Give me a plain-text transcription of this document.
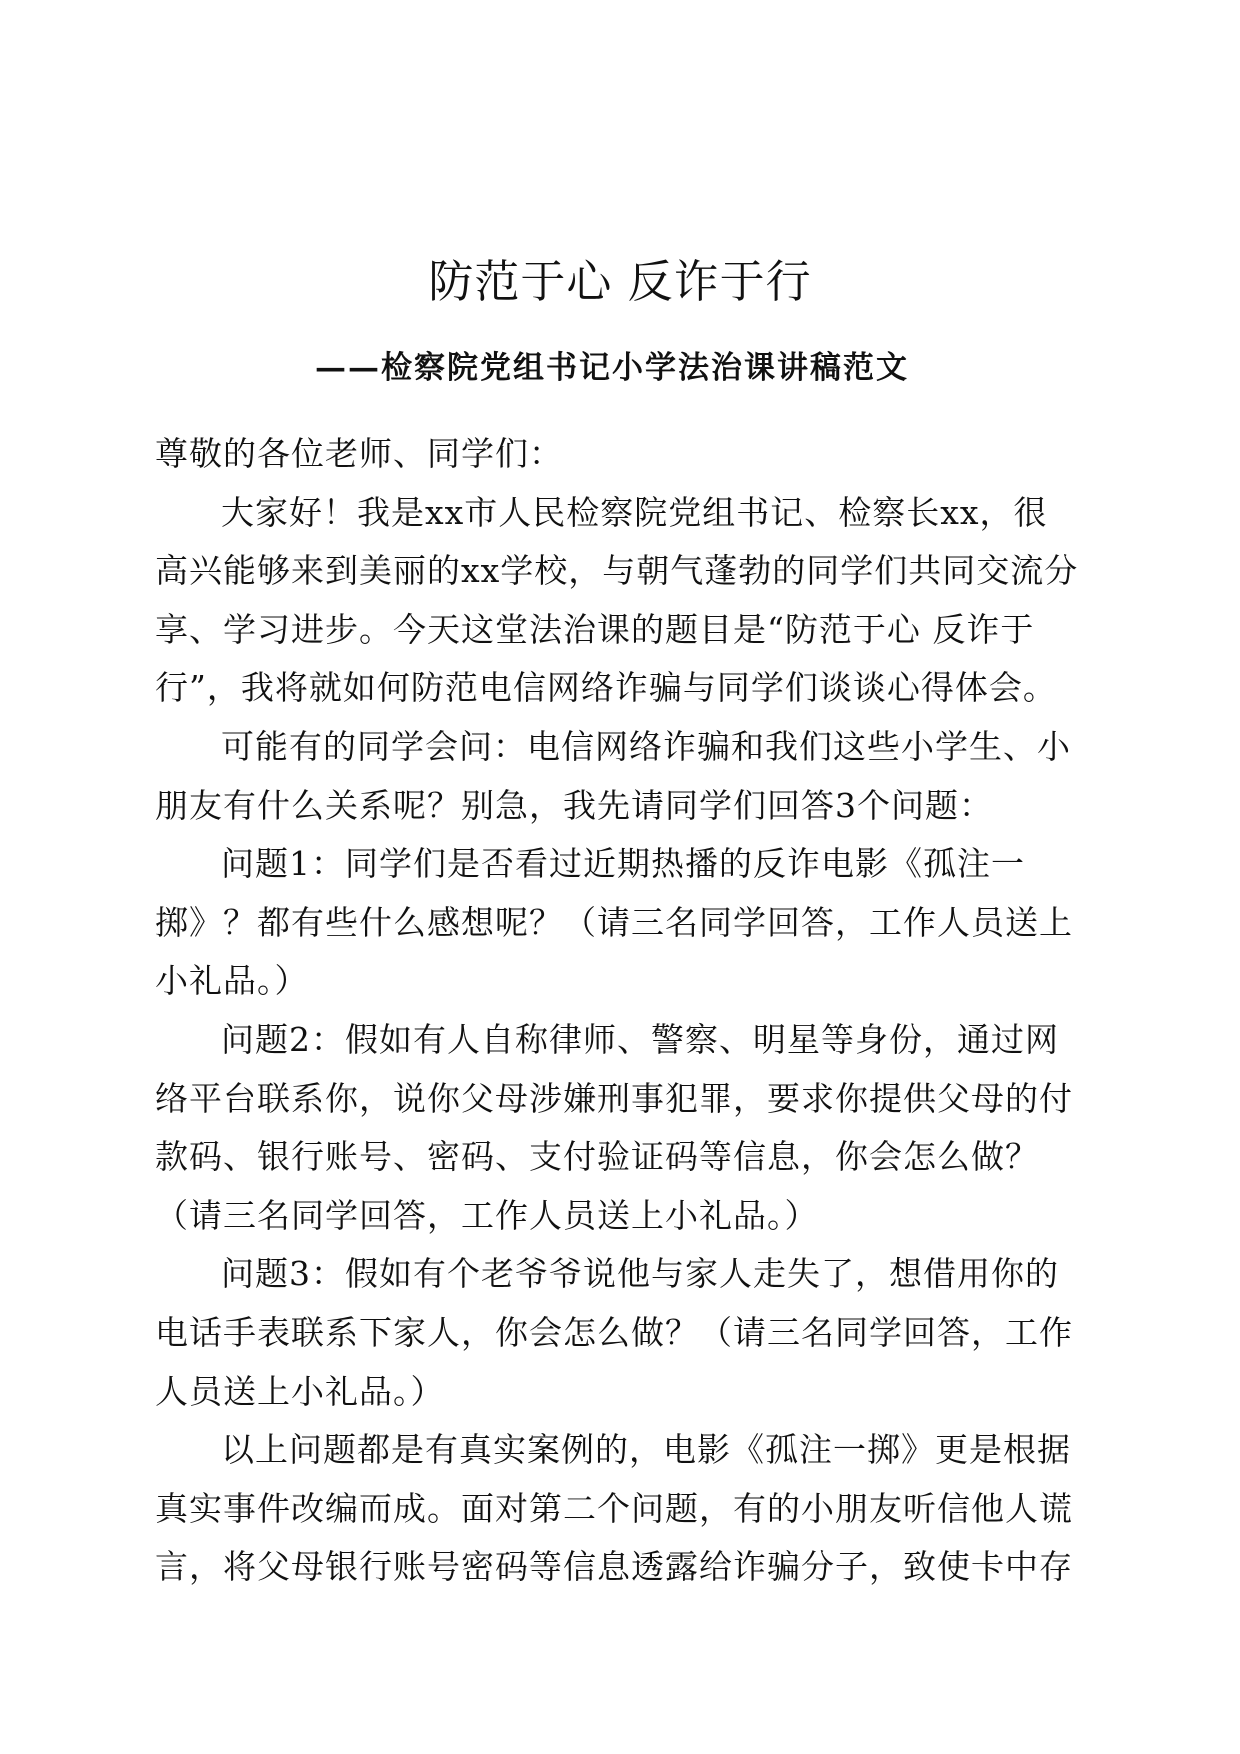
防范于心 反诈于行
——检察院党组书记小学法治课讲稿范文

尊敬的各位老师、同学们：

大家好！我是xx市人民检察院党组书记、检察长xx，很高兴能够来到美丽的xx学校，与朝气蓬勃的同学们共同交流分享、学习进步。今天这堂法治课的题目是“防范于心 反诈于行”，我将就如何防范电信网络诈骗与同学们谈谈心得体会。

可能有的同学会问：电信网络诈骗和我们这些小学生、小朋友有什么关系呢？别急，我先请同学们回答3个问题：

问题1：同学们是否看过近期热播的反诈电影《孤注一掷》？都有些什么感想呢？（请三名同学回答，工作人员送上小礼品。）

问题2：假如有人自称律师、警察、明星等身份，通过网络平台联系你，说你父母涉嫌刑事犯罪，要求你提供父母的付款码、银行账号、密码、支付验证码等信息，你会怎么做？（请三名同学回答，工作人员送上小礼品。）

问题3：假如有个老爷爷说他与家人走失了，想借用你的电话手表联系下家人，你会怎么做？（请三名同学回答，工作人员送上小礼品。）

以上问题都是有真实案例的，电影《孤注一掷》更是根据真实事件改编而成。面对第二个问题，有的小朋友听信他人谎言，将父母银行账号密码等信息透露给诈骗分子，致使卡中存
